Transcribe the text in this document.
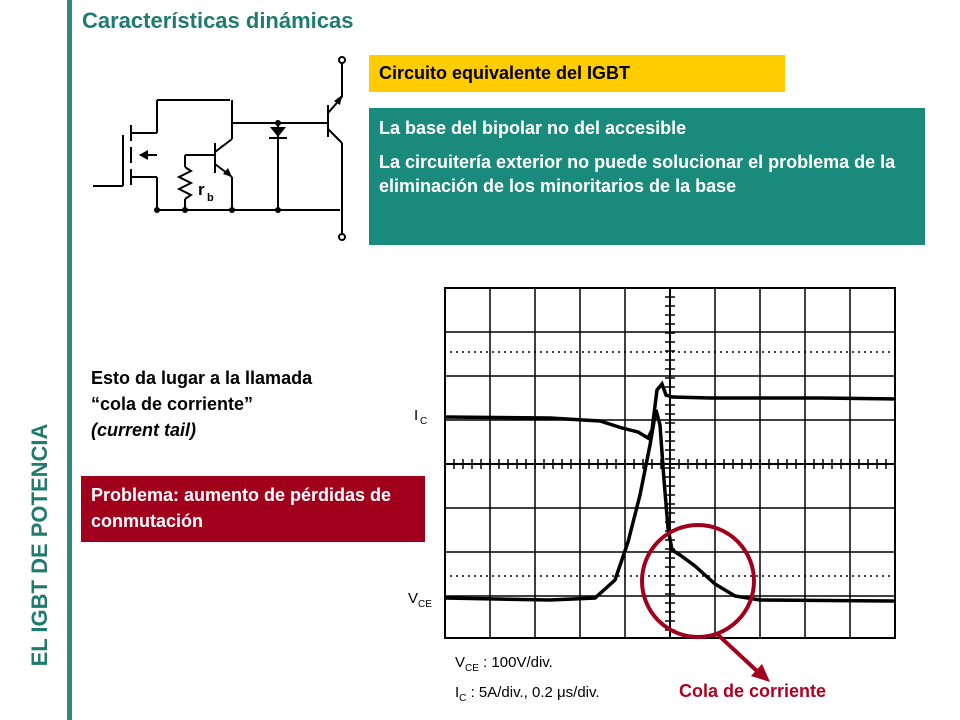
EL IGBT DE POTENCIA
Características dinámicas
Circuito equivalente del IGBT

La base del bipolar no del accesible

La circuitería exterior no puede solucionar el problema de la eliminación de los minoritarios de la base

r b
Esto da lugar a la llamada
“cola de corriente”
(current tail)
Problema: aumento de pérdidas de conmutación
I C
V CE
$V_{CE}$ : 100V/div.
$I_C$ : 5A/div., 0.2 μs/div.	Cola de corriente
